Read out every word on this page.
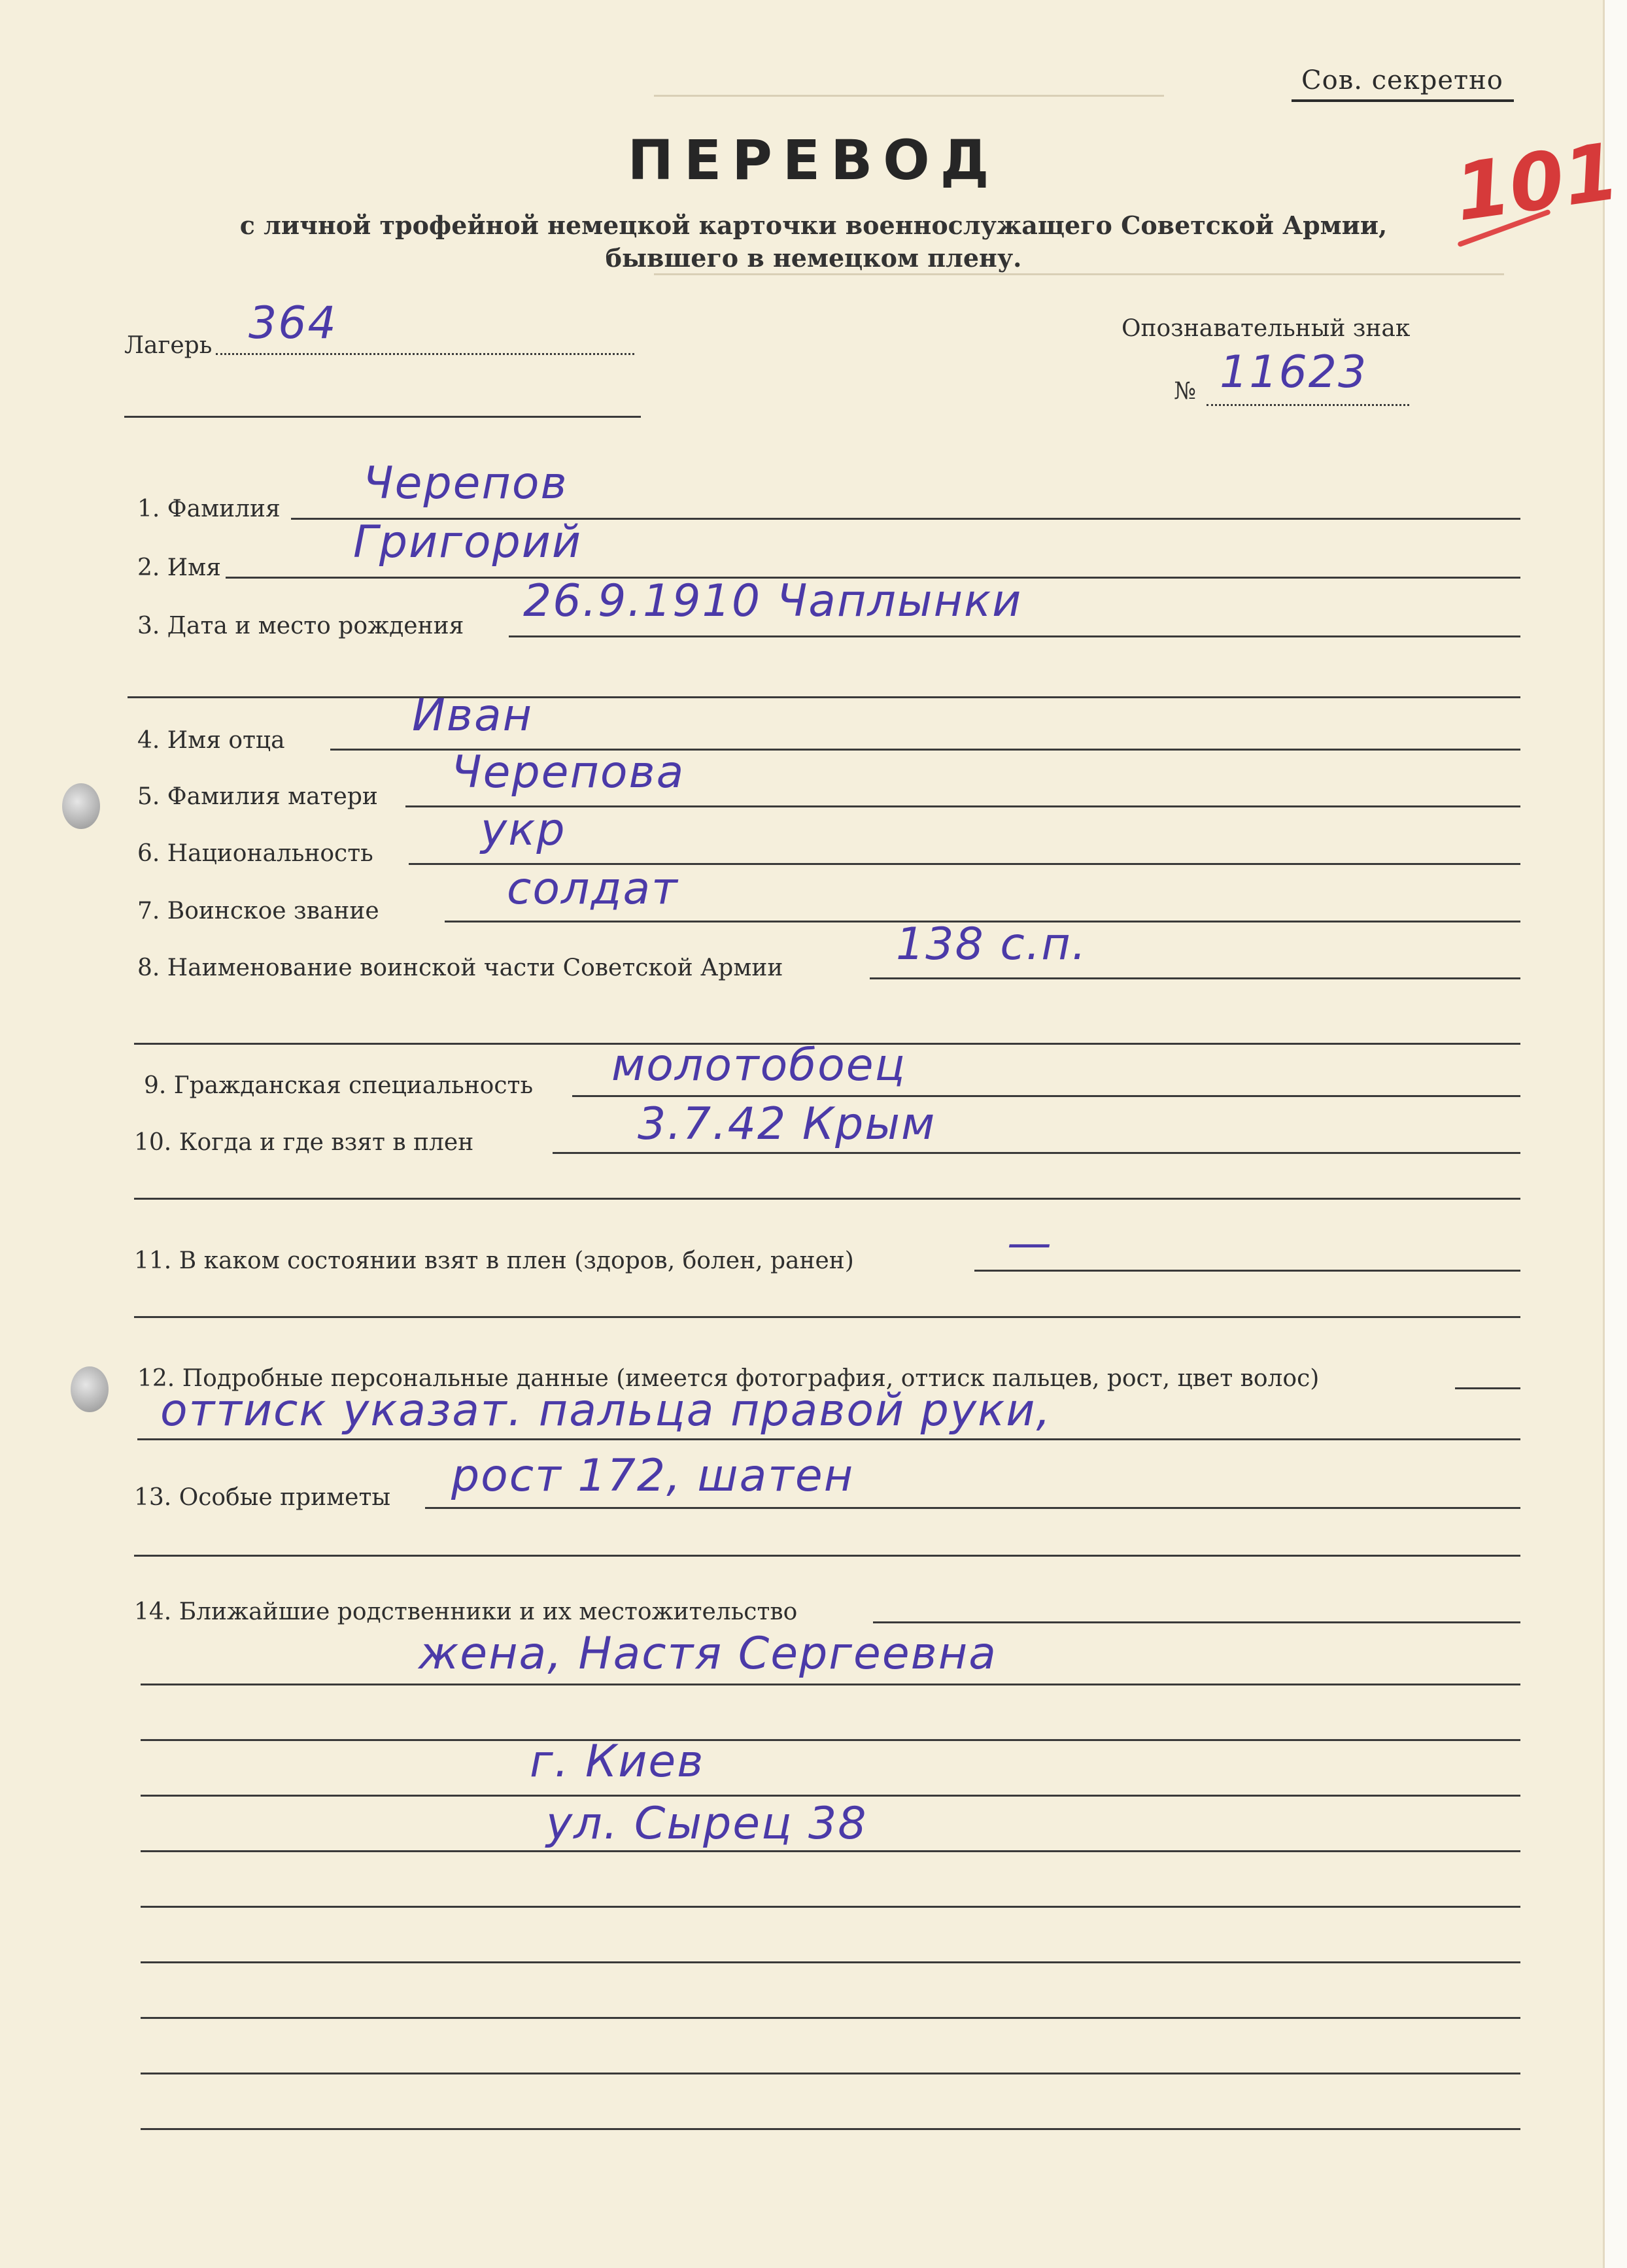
Сов. секретно
ПЕРЕВОД
с личной трофейной немецкой карточки военнослужащего Советской Армии,
бывшего в немецком плену.
101
Лагерь 364	Опознавательный знак
№ 11623
1. Фамилия Черепов
2. Имя	Григорий
3. Дата и место рождения 26.9.1910 Чаплынки
4. Имя отца	Иван
5. Фамилия матери Черепова
6. Национальность укр
7. Воинское звание	солдат
8. Наименование воинской части Советской Армии	138 с.п.
9. Гражданская специальность молотобоец
10. Когда и где взят в плен	3.7.42 Крым
11. В каком состоянии взят в плен (здоров, болен, ранен)	—
12. Подробные персональные данные (имеется фотография, оттиск пальцев, рост, цвет волос)
оттиск указат. пальца правой руки,
13. Особые приметы рост 172, шатен
14. Ближайшие родственники и их местожительство
жена, Настя Сергеевна
г. Киев
ул. Сырец 38
